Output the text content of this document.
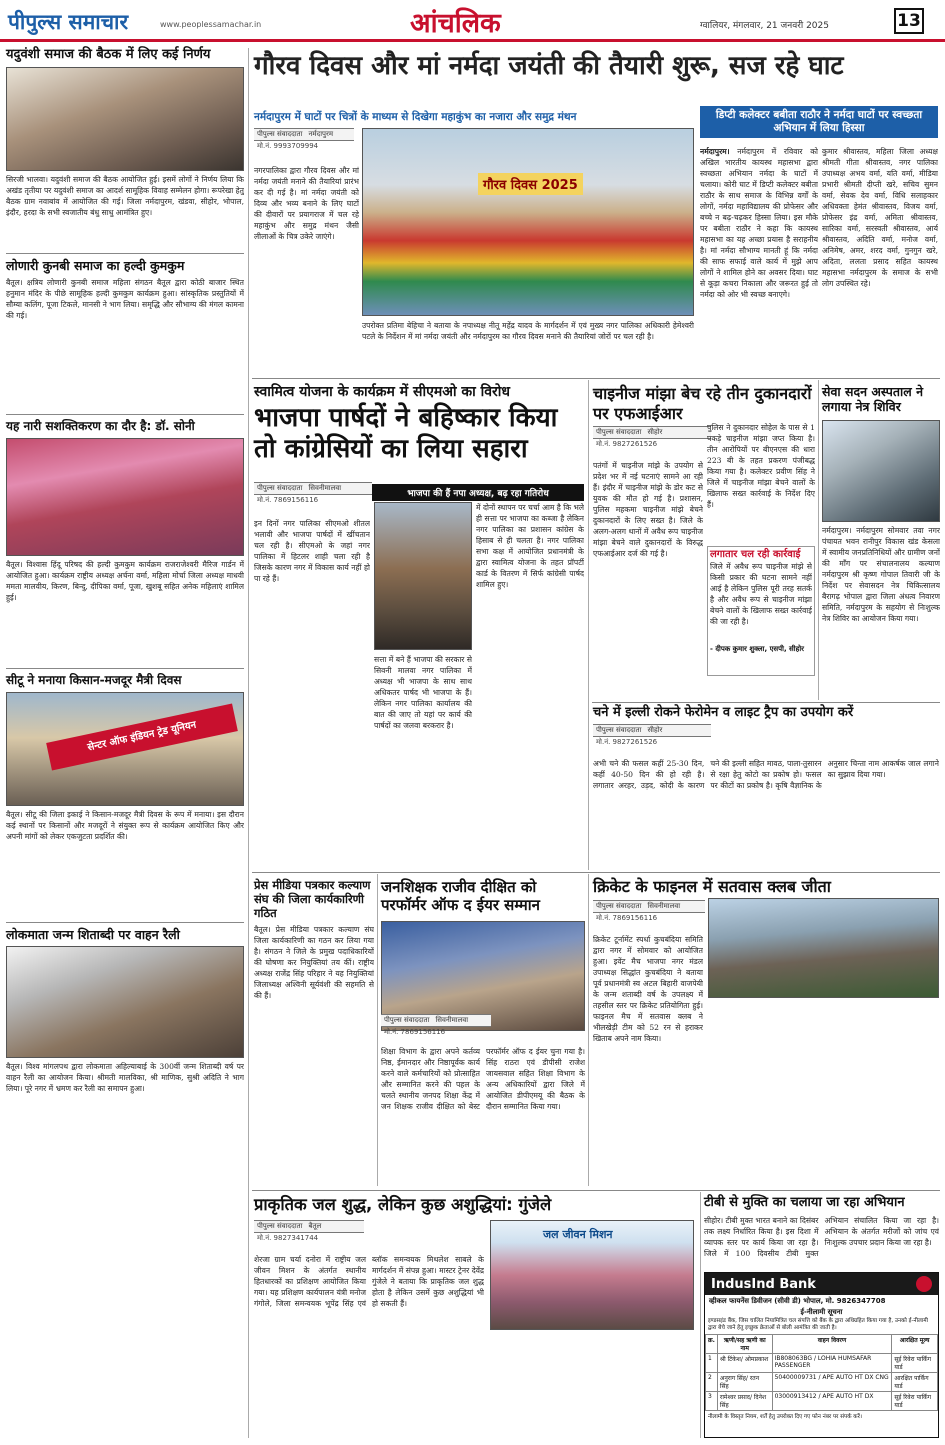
पीपुल्स समाचार	www.peoplessamachar.in	आंचलिक	ग्वालियर, मंगलवार, 21 जनवरी 2025	13
यदुवंशी समाज की बैठक में लिए कई निर्णय
सिरजी भालवा। यदुवंशी समाज की बैठक आयोजित हुई। इसमें लोगों ने निर्णय लिया कि अखंड तृतीया पर यदुवंशी समाज का आदर्श सामूहिक विवाह सम्मेलन होगा। रूपरेखा हेतु बैठक ग्राम नवाबांव में आयोजित की गई। जिला नर्मदापुरम, खंडवा, सीहोर, भोपाल, इंदौर, हरदा के सभी स्वजातीय बंधु साधु आमंत्रित हुए।
लोणारी कुनबी समाज का हल्दी कुमकुम
बैतूल। क्षत्रिय लोणारी कुनबी समाज महिला संगठन बैतूल द्वारा कोठी बाजार स्थित हनुमान मंदिर के पीछे सामूहिक हल्दी कुमकुम कार्यक्रम हुआ। सांस्कृतिक प्रस्तुतियों में सौम्या कलिंग, पूजा टिकले, मानसी ने भाग लिया। समृद्धि और सौभाग्य की मंगल कामना की गई।
यह नारी सशक्तिकरण का दौर है: डॉ. सोनी
बैतूल। विश्वास हिंदू परिषद की हल्दी कुमकुम कार्यक्रम राजराजेश्वरी मैरिज गार्डन में आयोजित हुआ। कार्यक्रम राष्ट्रीय अध्यक्ष अर्चना वर्मा, महिला मोर्चा जिला अध्यक्ष माधवी ममता मालवीय, किरण, बिन्दु, दीपिका वर्मा, पूजा, खुशबू सहित अनेक महिलाएं शामिल हुई।
सीटू ने मनाया किसान-मजदूर मैत्री दिवस
सेन्टर ऑफ इंडियन ट्रेड यूनियन
बैतूल। सीटू की जिला इकाई ने किसान-मजदूर मैत्री दिवस के रूप में मनाया। इस दौरान कई स्थानों पर किसानों और मजदूरों ने संयुक्त रूप से कार्यक्रम आयोजित किए और अपनी मांगों को लेकर एकजुटता प्रदर्शित की।
लोकमाता जन्म शिताब्दी पर वाहन रैली
बैतूल। विश्व मांगलपथ द्वारा लोकमाता अहिल्याबाई के 300वीं जन्म शिताब्दी वर्ष पर वाहन रैली का आयोजन किया। श्रीमती मालविका, श्री माणिक, सुश्री अदिति ने भाग लिया। पूरे नगर में भ्रमण कर रैली का समापन हुआ।
गौरव दिवस और मां नर्मदा जयंती की तैयारी शुरू, सज रहे घाट
नर्मदापुरम में घाटों पर चित्रों के माध्यम से दिखेगा महाकुंभ का नजारा और समुद्र मंथन
पीपुल्स संवाददाता नर्मदापुरम
मो.नं. 9993709994
नगरपालिका द्वारा गौरव दिवस और मां नर्मदा जयंती मनाने की तैयारियां प्रारंभ कर दी गई है। मां नर्मदा जयंती को दिव्य और भव्य बनाने के लिए घाटों की दीवारों पर प्रयागराज में चल रहे महाकुंभ और समुद्र मंथन जैसी लीलाओं के चित्र उकेरे जाएंगे।
गौरव दिवस 2025
उपरोक्त प्रतिमा बेहिचा ने बताया के नपाध्यक्ष नीतू महेंद्र यादव के मार्गदर्शन में एवं मुख्य नगर पालिका अधिकारी हेमेश्वरी पटले के निर्देशन में मां नर्मदा जयंती और नर्मदापुरम का गौरव दिवस मनाने की तैयारियां जोरों पर चल रही है।
डिप्टी कलेक्टर बबीता राठौर ने नर्मदा घाटों पर स्वच्छता अभियान में लिया हिस्सा
नर्मदापुरम। नर्मदापुरम में रविवार को अखिल भारतीय कायस्थ महासभा द्वारा स्वच्छता अभियान नर्मदा के घाटों में चलाया। कोरी घाट में डिप्टी कलेक्टर बबीता राठौर के साथ समाज के विभिन्न वर्गों के लोगों, नर्मदा महाविद्यालय की प्रोफेसर और बच्चे न बढ़-चढ़कर हिस्सा लिया। इस मौके पर बबीता राठौर ने कहा कि कायस्थ महासभा का यह अच्छा प्रयास है सराहनीय है। मां नर्मदा सौभाग्य मानती हूं कि नर्मदा की साफ सफाई वाले कार्य में मुझे आप लोगों ने शामिल होने का अवसर दिया। घाट से कूड़ा कचरा निकाला और जरूरत हुई तो नर्मदा को ओर भी स्वच्छ बनाएगे।
कुमार श्रीवास्तव, महिला जिला अध्यक्ष श्रीमती गीता श्रीवास्तव, नगर पालिका उपाध्यक्ष अभय वर्मा, यति वर्मा, मीडिया प्रभारी श्रीमती दीप्ती खरे, सचिव सुमन वर्मा, सेवक देव वर्मा, विधि सलाहकार अधिवक्ता हेमंत श्रीवास्तव, विजय वर्मा, प्रोफेसर इंद्र वर्मा, अमिता श्रीवास्तव, सारिका वर्मा, सरस्वती श्रीवास्तव, आर्य श्रीवास्तव, अदिति वर्मा, मनोज वर्मा, अनिमेष, अमर, शरद वर्मा, गुनगुन खरे, अदिता, ललता प्रसाद सहित कायस्थ महासभा नर्मदापुरम के समाज के सभी लोग उपस्थित रहे।
स्वामित्व योजना के कार्यक्रम में सीएमओ का विरोध
भाजपा पार्षदों ने बहिष्कार किया तो कांग्रेसियों का लिया सहारा
पीपुल्स संवाददाता सिवनीमालवा
मो.नं. 7869156116
भाजपा की हैं नपा अध्यक्ष, बढ़ रहा गतिरोध
इन दिनों नगर पालिका सीएमओ शीतल भलावी और भाजपा पार्षदों में खींचतान चल रही है। सीएमओ के जहां नगर पालिका में हिटलर शाही चला रही है जिसके कारण नगर में विकास कार्य नहीं हो पा रहे हैं।
सत्ता में बने हैं भाजपा की सरकार से सिवनी मालवा नगर पालिका में अध्यक्ष भी भाजपा के साथ साथ अधिकतर पार्षद भी भाजपा के हैं। लेकिन नगर पालिका कार्यालय की बात की जाए तो यहां पर कार्य की पार्षदों का जलवा बरकरार है।
में दोनों स्थापन पर चर्चा आम है कि भले ही सत्ता पर भाजपा का कब्जा है लेकिन नगर पालिका का प्रशासन कांग्रेस के हिसाब से ही चलता है। नगर पालिका सभा कक्ष में आयोजित प्रधानमंत्री के द्वारा स्वामित्व योजना के तहत प्रॉपर्टी कार्ड के वितरण में सिर्फ कांग्रेसी पार्षद शामिल हुए।
चाइनीज मांझा बेच रहे तीन दुकानदारों पर एफआईआर
पीपुल्स संवाददाता सीहोर
मो.नं. 9827261526
पतंगों में चाइनीज मांझे के उपयोग से प्रदेश भर में नई घटनाएं सामने आ रही हैं। इंदौर में चाइनीज मांझे के डोर कट से युवक की मौत हो गई है। प्रशासन, पुलिस महकमा चाइनीज मांझे बेचने दुकानदारों के लिए सख्त है। जिले के अलग-अलग थानों में अवैध रूप चाइनीज मांझा बेचने वाले दुकानदारों के विरुद्ध एफआईआर दर्ज की गई है।
पुलिस ने दुकानदार सोहेल के पास से 1 पकड़े चाइनीज मांझा जप्त किया है। तीन आरोपियों पर बीएनएस की धारा 223 बी के तहत प्रकरण पंजीबद्ध किया गया है। कलेक्टर प्रवीण सिंह ने जिले में चाइनीज मांझा बेचने वालों के खिलाफ सख्त कार्रवाई के निर्देश दिए हैं।
लगातार चल रही कार्रवाई
जिले में अवैध रूप चाइनीज मांझे से किसी प्रकार की घटना सामने नहीं आई है लेकिन पुलिस पूरी तरह सतर्क है और अवैध रूप से चाइनीज मांझा बेचने वालों के खिलाफ सख्त कार्रवाई की जा रही है।
- दीपक कुमार शुक्ला, एसपी, सीहोर
सेवा सदन अस्पताल ने लगाया नेत्र शिविर
नर्मदापुरम। नर्मदापुरम सोमवार तवा नगर पंचायत भवन रानीपुर विकास खंड केसला में स्वामीय जनप्रतिनिधियों और ग्रामीण जनों की माँग पर संचालनालय कल्याण नर्मदापुरम श्री कृष्ण गोपाल तिवारी जी के निर्देश पर सेवासदन नेत्र चिकित्सालय बैरागढ़ भोपाल द्वारा जिला अंधत्व निवारण समिति, नर्मदापुरम के सहयोग से निःशुल्क नेत्र शिविर का आयोजन किया गया।
चने में इल्ली रोकने फेरोमेन व लाइट ट्रैप का उपयोग करें
पीपुल्स संवाददाता सीहोर
मो.नं. 9827261526
अभी चने की फसल कहीं 25-30 दिन, कहीं 40-50 दिन की हो रही है। लगातार अरहर, उड़द, कोदी के कारण चने की इल्ली सहित मावठ, पाला-तुसारन से रक्षा हेतु कोटो का प्रकोष हो। फसल पर कीटों का प्रकोष है। कृषि वैज्ञानिक के अनुसार चिन्ता नाम आकर्षक जाल लगाने का सुझाव दिया गया।
प्रेस मीडिया पत्रकार कल्याण संघ की जिला कार्यकारिणी गठित
बैतूल। प्रेस मीडिया पत्रकार कल्याण संघ जिला कार्यकारिणी का गठन कर लिया गया है। संगठन ने जिले के प्रमुख पदाधिकारियों की घोषणा कर नियुक्तियां तय कीं। राष्ट्रीय अध्यक्ष राजेंद्र सिंह परिहार ने यह नियुक्तियां जिलाध्यक्ष अश्विनी सूर्यवंशी की सहमति से की हैं।
जनशिक्षक राजीव दीक्षित को परफॉर्मर ऑफ द ईयर सम्मान
पीपुल्स संवाददाता सिवनीमालवा
मो.नं. 7869156116
शिक्षा विभाग के द्वारा अपने कर्तव्य निष्ठ, ईमानदार और निष्ठापूर्वक कार्य करने वाले कर्मचारियों को प्रोत्साहित और सम्मानित करने की पहल के चलते स्थानीय जनपद शिक्षा केंद्र में जन शिक्षक राजीव दीक्षित को बेस्ट परफॉर्मर ऑफ द ईयर चुना गया है। सिंह राठरा एवं डीपीसी राजेश जायसवाल सहित शिक्षा विभाग के अन्य अधिकारियों द्वारा जिले में आयोजित डीपीएमयू की बैठक के दौरान सम्मानित किया गया।
क्रिकेट के फाइनल में सतवास क्लब जीता
पीपुल्स संवाददाता सिवनीमालवा
मो.नं. 7869156116
क्रिकेट टूर्नामेंट स्पर्धा कुचबंदिया समिति द्वारा नगर में सोमवार को आयोजित हुआ। इवेंट मैच भाजपा नगर मंडल उपाध्यक्ष सिद्धांत कुचबंदिया ने बताया पूर्व प्रधानमंत्री स्व अटल बिहारी वाजपेयी के जन्म शताब्दी वर्ष के उपलक्ष्य में तहसील स्तर पर क्रिकेट प्रतियोगिता हुई। फाइनल मैच में सतवास क्लब ने भीलखेड़ी टीम को 52 रन से हराकर खिताब अपने नाम किया।
प्राकृतिक जल शुद्ध, लेकिन कुछ अशुद्धियां: गुंजेले
पीपुल्स संवाददाता बैतूल
मो.नं. 9827341744
शेरजा ग्राम चर्या दनोरा में राष्ट्रीय जल जीवन मिशन के अंतर्गत स्थानीय हितधारकों का प्रशिक्षण आयोजित किया गया। यह प्रशिक्षण कार्यपालन यंत्री मनोज गंगोले, जिला समन्वयक भूपेंद्र सिंह एवं ब्लॉक समन्वयक मिथलेश साबले के मार्गदर्शन में संपन्न हुआ। मास्टर ट्रेनर देवेंद्र गुंजेले ने बताया कि प्राकृतिक जल शुद्ध होता है लेकिन उसमें कुछ अशुद्धियां भी हो सकती हैं।
जल जीवन मिशन
टीबी से मुक्ति का चलाया जा रहा अभियान
सीहोर। टीबी मुक्त भारत बनाने का दिसंबर तक लक्ष्य निर्धारित किया है। इस दिशा में व्यापक स्तर पर कार्य किया जा रहा है। जिले में 100 दिवसीय टीबी मुक्त अभियान संचालित किया जा रहा है। अभियान के अंतर्गत मरीजों को जांच एवं निःशुल्क उपचार प्रदान किया जा रहा है।
IndusInd Bank
व्हीकल फायनेंस डिवीजन (सीवी डी) भोपाल, मो. 9826347708
ई-नीलामी सूचना
इण्डसइंड बैंक, जिस चालित नियामित्रित चल संपत्ति को बैंक के द्वारा अधिग्रहित किया गया है, उनको ई-नीलामी द्वारा बेचे जाने हेतु इच्छुक क्रेताओं से बोली आमंत्रित की जाती है।
क्र.	ऋणी/सह ऋणी का नाम	वाहन विवरण	आरक्षित मूल्य
1	श्री टिंकेश/ ओमप्रकाश	IB808063BG / LOHIA HUMSAFAR PASSENGER	सूई रिवेरा पार्किंग यार्ड
2	अनुराग सिंह/ रतन सिंह	50400009731 / APE AUTO HT DX CNG	आरक्षित पार्किंग यार्ड
3	रामेश्वर प्रसाद/ दिनेश सिंह	03000913412 / APE AUTO HT DX	सूई रिवेरा पार्किंग यार्ड
नीलामी के विस्तृत नियम, शर्तें हेतु उपरोक्त दिए गए फोन नंबर पर संपर्क करें।
